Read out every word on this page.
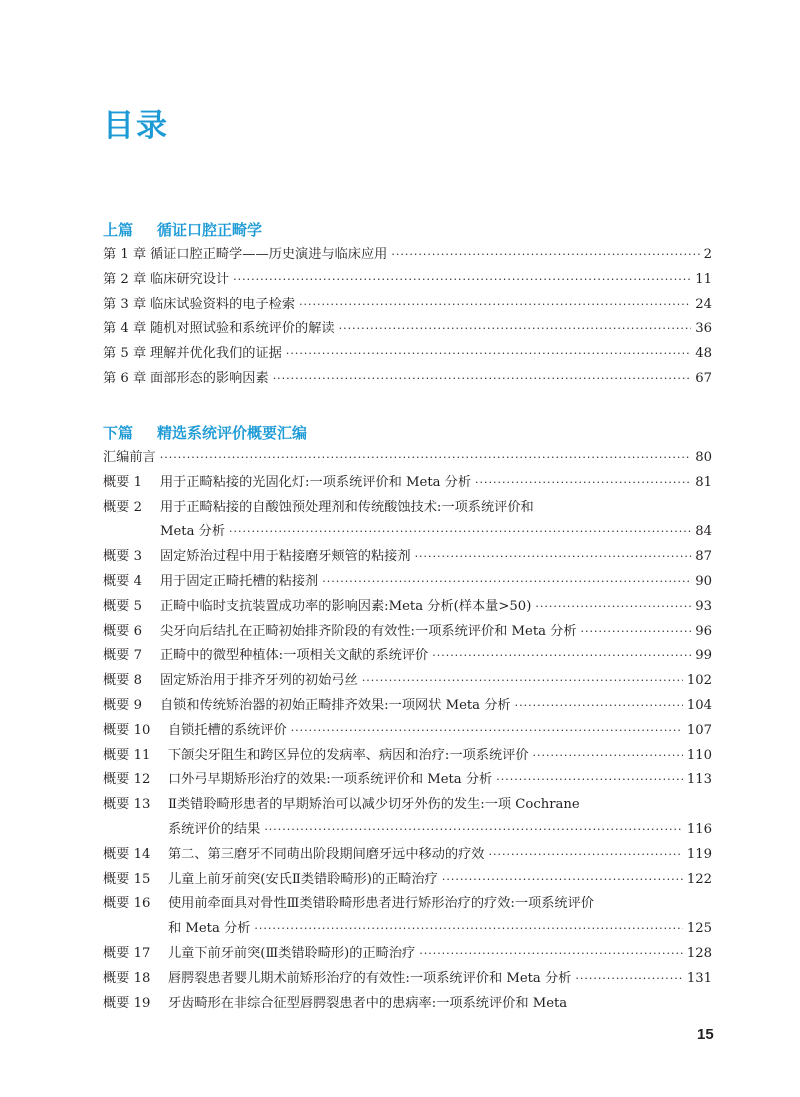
目录
上篇 循证口腔正畸学
第 1 章 循证口腔正畸学——历史演进与临床应用 ·····	2
第 2 章 临床研究设计 ·····	11
第 3 章 临床试验资料的电子检索 ·····	24
第 4 章 随机对照试验和系统评价的解读 ·····	36
第 5 章 理解并优化我们的证据 ·····	48
第 6 章 面部形态的影响因素 ·····	67
下篇 精选系统评价概要汇编
汇编前言 ·····	80
概要 1	用于正畸粘接的光固化灯:一项系统评价和 Meta 分析 ·····	81
概要 2	用于正畸粘接的自酸蚀预处理剂和传统酸蚀技术:一项系统评价和
Meta 分析 ·····	84
概要 3	固定矫治过程中用于粘接磨牙颊管的粘接剂 ·····	87
概要 4	用于固定正畸托槽的粘接剂 ·····	90
概要 5	正畸中临时支抗装置成功率的影响因素:Meta 分析(样本量>50) ·····	93
概要 6	尖牙向后结扎在正畸初始排齐阶段的有效性:一项系统评价和 Meta 分析 ·····	96
概要 7	正畸中的微型种植体:一项相关文献的系统评价 ·····	99
概要 8	固定矫治用于排齐牙列的初始弓丝 ·····	102
概要 9	自锁和传统矫治器的初始正畸排齐效果:一项网状 Meta 分析 ·····	104
概要 10	自锁托槽的系统评价 ·····	107
概要 11	下颌尖牙阻生和跨区异位的发病率、病因和治疗:一项系统评价 ·····	110
概要 12	口外弓早期矫形治疗的效果:一项系统评价和 Meta 分析 ·····	113
概要 13	Ⅱ类错聆畸形患者的早期矫治可以减少切牙外伤的发生:一项 Cochrane
系统评价的结果 ·····	116
概要 14	第二、第三磨牙不同萌出阶段期间磨牙远中移动的疗效 ·····	119
概要 15	儿童上前牙前突(安氏Ⅱ类错聆畸形)的正畸治疗 ·····	122
概要 16	使用前牵面具对骨性Ⅲ类错聆畸形患者进行矫形治疗的疗效:一项系统评价
和 Meta 分析 ·····	125
概要 17	儿童下前牙前突(Ⅲ类错聆畸形)的正畸治疗 ·····	128
概要 18	唇腭裂患者婴儿期术前矫形治疗的有效性:一项系统评价和 Meta 分析 ·····	131
概要 19	牙齿畸形在非综合征型唇腭裂患者中的患病率:一项系统评价和 Meta
15
